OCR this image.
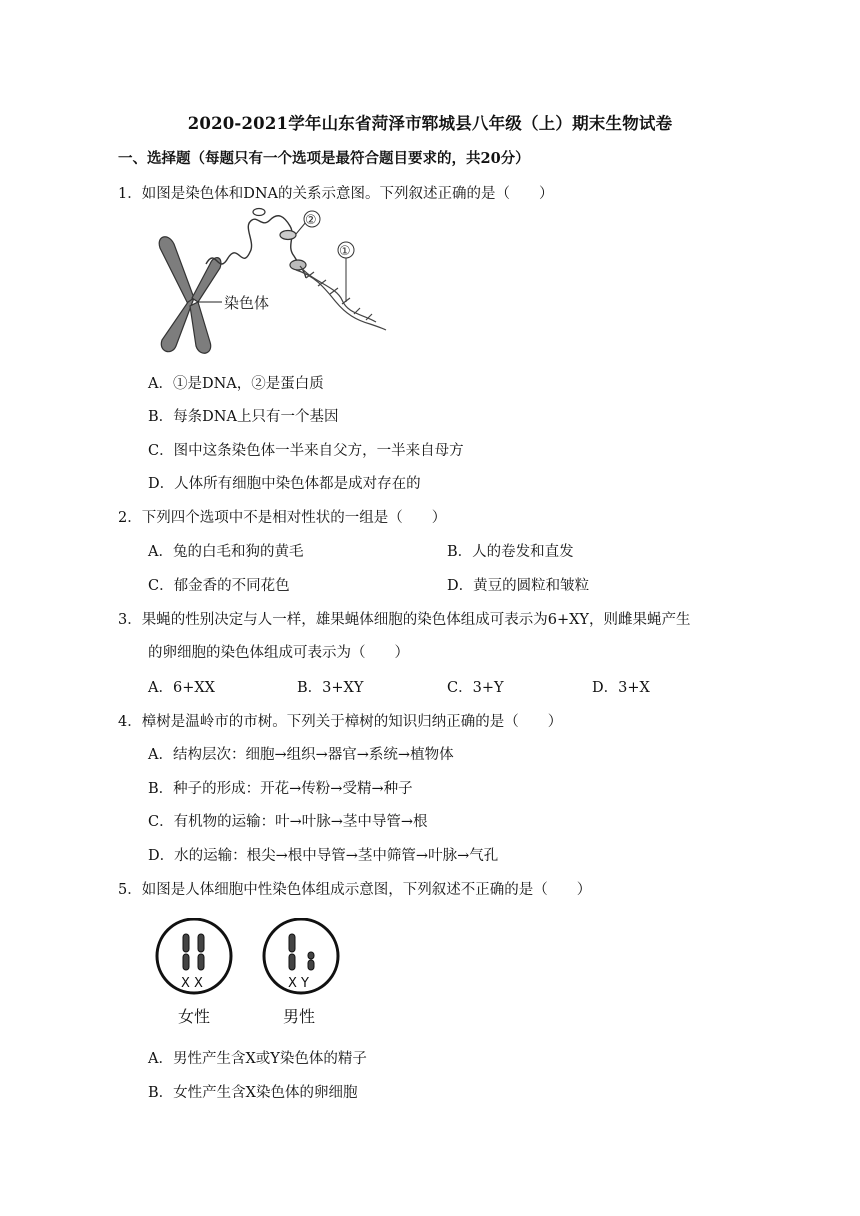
2020-2021学年山东省菏泽市郓城县八年级（上）期末生物试卷
一、选择题（每题只有一个选项是最符合题目要求的，共20分）
1．如图是染色体和DNA的关系示意图。下列叙述正确的是（　　）
染色体
②
①
A．①是DNA，②是蛋白质
B．每条DNA上只有一个基因
C．图中这条染色体一半来自父方，一半来自母方
D．人体所有细胞中染色体都是成对存在的
2．下列四个选项中不是相对性状的一组是（　　）
A．兔的白毛和狗的黄毛	B．人的卷发和直发
C．郁金香的不同花色	D．黄豆的圆粒和皱粒
3．果蝇的性别决定与人一样，雄果蝇体细胞的染色体组成可表示为6+XY，则雌果蝇产生
的卵细胞的染色体组成可表示为（　　）
A．6+XX	B．3+XY	C．3+Y	D．3+X
4．樟树是温岭市的市树。下列关于樟树的知识归纳正确的是（　　）
A．结构层次：细胞→组织→器官→系统→植物体
B．种子的形成：开花→传粉→受精→种子
C．有机物的运输：叶→叶脉→茎中导管→根
D．水的运输：根尖→根中导管→茎中筛管→叶脉→气孔
5．如图是人体细胞中性染色体组成示意图，下列叙述不正确的是（　　）
X X	X Y
女性	男性
A．男性产生含X或Y染色体的精子
B．女性产生含X染色体的卵细胞
